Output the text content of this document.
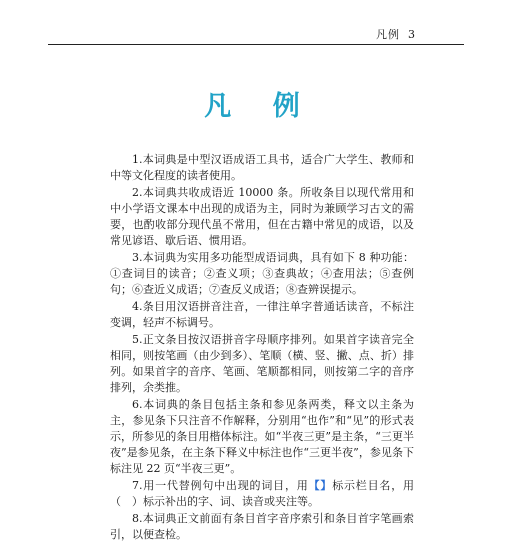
凡例 3
凡 例

1.本词典是中型汉语成语工具书，适合广大学生、教师和中等文化程度的读者使用。

2.本词典共收成语近 10000 条。所收条目以现代常用和中小学语文课本中出现的成语为主，同时为兼顾学习古文的需要，也酌收部分现代虽不常用，但在古籍中常见的成语，以及常见谚语、歇后语、惯用语。

3.本词典为实用多功能型成语词典，具有如下 8 种功能：①查词目的读音；②查义项；③查典故；④查用法；⑤查例句；⑥查近义成语；⑦查反义成语；⑧查辨误提示。

4.条目用汉语拼音注音，一律注单字普通话读音，不标注变调，轻声不标调号。

5.正文条目按汉语拼音字母顺序排列。如果首字读音完全相同，则按笔画（由少到多）、笔顺（横、竖、撇、点、折）排列。如果首字的音序、笔画、笔顺都相同，则按第二字的音序排列，余类推。

6.本词典的条目包括主条和参见条两类，释文以主条为主，参见条下只注音不作解释，分别用“也作”和“见”的形式表示，所参见的条目用楷体标注。如“半夜三更”是主条，“三更半夜”是参见条，在主条下释义中标注也作“三更半夜”，参见条下标注见 22 页“半夜三更”。

7.用一代替例句中出现的词目，用【】标示栏目名，用（　）标示补出的字、词、读音或夹注等。

8.本词典正文前面有条目首字音序索引和条目首字笔画索引，以便查检。
